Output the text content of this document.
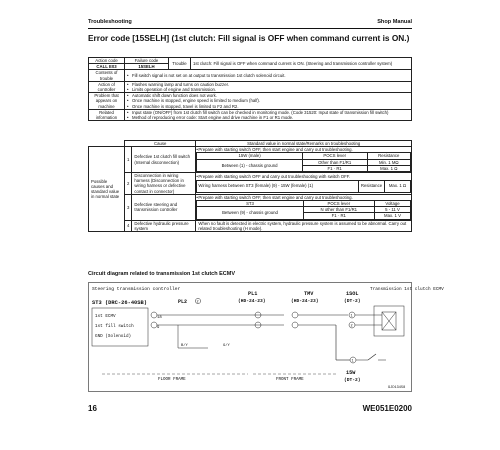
Troubleshooting	Shop Manual
Error code [15SELH] (1st clutch: Fill signal is OFF when command current is ON.)
Action code	Failure code	Trouble	1st clutch: Fill signal is OFF when command current is ON. (Steering and transmission controller system)
CALL E03	15SELH		
Contents of trouble	• Fill switch signal is not set on at output to transmission 1st clutch solenoid circuit.

Action of controller	• Flashes warning lamp and turns on caution buzzer.
• Limits operation of engine and transmission.

Problem that appears on machine	• Automatic shift down function does not work.
• Once machine is stopped, engine speed is limited to medium (half).
• Once machine is stopped, travel is limited to F2 and R2.

Related information	• Input state (ON/OFF) from 1st clutch fill switch can be checked in monitoring mode. (Code 31520: Input state of transmission fill switch)
• Method of reproducing error code: Start engine and drive machine in F1 or R1 mode.
	Cause	Standard value in normal state/Remarks on troubleshooting
Possible causes and standard value in normal state	1	Defective 1st clutch fill switch (Internal disconnection)	
• Prepare with starting switch OFF, then start engine and carry out troubleshooting.
15W (male)	POCS lever	Resistance
Between (1) - chassis ground	Other than F1/R1	Min. 1 MΩ
F1 · R1	Max. 1 Ω

2	Disconnection in wiring harness (Disconnection in wiring harness or defective contact in connector)	
• Prepare with starting switch OFF and carry out troubleshooting with switch OFF.
Wiring harness between ST3 (female) (9) - 15W (female) (1)	Resistance	Max. 1 Ω

3	Defective steering and transmission controller	
• Prepare with starting switch OFF, then start engine and carry out troubleshooting.
ST3	POCS lever	Voltage
Between (9) - chassis ground	N other than F1/R1	5 - 11 V
F1 · R1	Max. 1 V

4	Defective hydraulic pressure system	When no fault is detected in electric system, hydraulic pressure system is assumed to be abnormal. Carry out related troubleshooting (H mode).
Circuit diagram related to transmission 1st clutch ECMV
Steering transmission controller
ST3 (DRC-26-40SB)
1st ECMV
1st fill switch
GND (Solenoid)
18
9
PL2	2
B/Y	G/Y
PL1
(HD-24-23)
TMV
(HD-24-23)
1SOL
(DT-2)
1
2
Transmission 1st clutch ECMV
1
15W
(DT-2)
FLOOR FRAME	FRONT FRAME
9JD13458
16	WE051E0200
